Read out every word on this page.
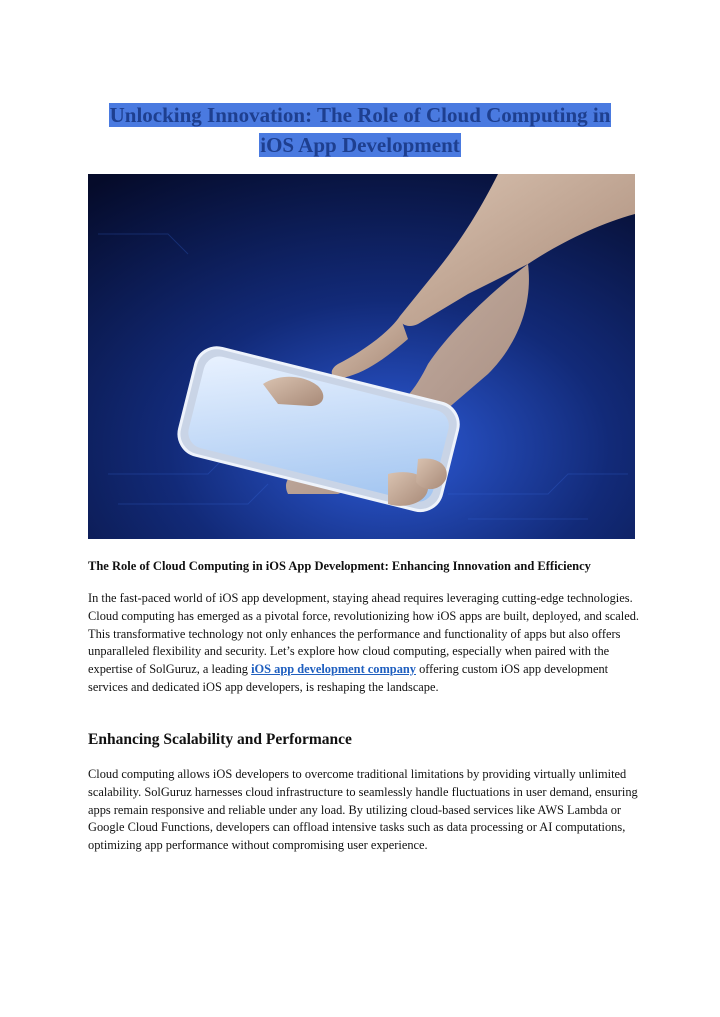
Unlocking Innovation: The Role of Cloud Computing in
iOS App Development
The Role of Cloud Computing in iOS App Development: Enhancing Innovation and Efficiency
In the fast-paced world of iOS app development, staying ahead requires leveraging cutting-edge technologies. Cloud computing has emerged as a pivotal force, revolutionizing how iOS apps are built, deployed, and scaled. This transformative technology not only enhances the performance and functionality of apps but also offers unparalleled flexibility and security. Let’s explore how cloud computing, especially when paired with the expertise of SolGuruz, a leading iOS app development company offering custom iOS app development services and dedicated iOS app developers, is reshaping the landscape.
Enhancing Scalability and Performance
Cloud computing allows iOS developers to overcome traditional limitations by providing virtually unlimited scalability. SolGuruz harnesses cloud infrastructure to seamlessly handle fluctuations in user demand, ensuring apps remain responsive and reliable under any load. By utilizing cloud-based services like AWS Lambda or Google Cloud Functions, developers can offload intensive tasks such as data processing or AI computations, optimizing app performance without compromising user experience.
